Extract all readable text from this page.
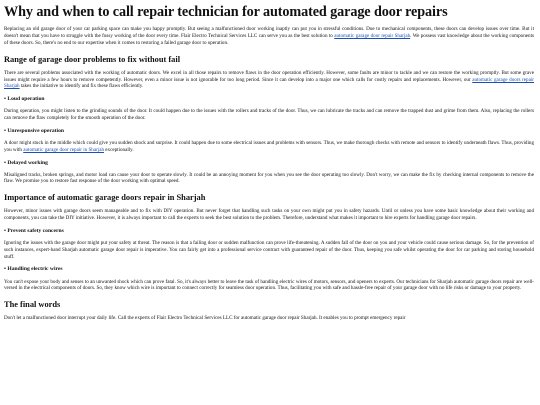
Why and when to call repair technician for automated garage door repairs

Replacing an old garage door of your car parking space can make you happy promptly. But seeing a malfunctioned door working inaptly can put you in stressful conditions. Due to mechanical components, these doors can develop issues over time. But it doesn't mean that you have to struggle with the fussy working of the door every time. Flair Electro Technical Services LLC can serve you as the best solution to automatic garage door repair Sharjah. We possess vast knowledge about the working components of these doors. So, there's no end to our expertise when it comes to restoring a failed garage door to operation.

Range of garage door problems to fix without fail

There are several problems associated with the working of automatic doors. We excel in all those repairs to remove flaws in the door operation efficiently. However, some faults are minor to tackle and we can restore the working promptly. But some grave issues might require a few hours to remove competently. However, even a minor issue is not ignorable for too long period. Since it can develop into a major one which calls for costly repairs and replacements. However, our automatic garage doors repair Sharjah takes the initiative to identify and fix these flaws efficiently.

• Loud operation

During operation, you might listen to the grinding sounds of the door. It could happen due to the issues with the rollers and tracks of the door. Thus, we can lubricate the tracks and can remove the trapped dust and grime from them. Also, replacing the rollers can remove the flaw completely for the smooth operation of the door.

• Unresponsive operation

A door might stuck in the middle which could give you sudden shock and surprise. It could happen due to some electrical issues and problems with sensors. Thus, we make thorough checks with remote and sensors to identify underneath flaws. Thus, providing you with automatic garage door repair in Sharjah exceptionally.

• Delayed working

Misaligned tracks, broken springs, and motor load can cause your door to operate slowly. It could be an annoying moment for you when you see the door operating too slowly. Don't worry, we can make the fix by checking internal components to remove the flaw. We promise you to restore fast response of the door working with optimal speed.

Importance of automatic garage doors repair in Sharjah

However, minor issues with garage doors seem manageable and to fix with DIY operation. But never forget that handling such tasks on your own might put you in safety hazards. Until or unless you have some basic knowledge about their working and components, you can take the DIY initiative. However, it is always important to call the experts to seek the best solution to the problem. Therefore, understand what makes it important to hire experts for handling garage door repairs.

• Prevent safety concerns

Ignoring the issues with the garage door might put your safety at threat. The reason is that a failing door or sudden malfunction can prove life-threatening. A sudden fall of the door on you and your vehicle could cause serious damage. So, for the prevention of such instances, expert-hand Sharjah automatic garage door repair is imperative. You can fairly get into a professional service contract with guaranteed repair of the door. Thus, keeping you safe whilst operating the door for car parking and storing household stuff.

• Handling electric wires

You can't expose your body and senses to an unwanted shock which can prove fatal. So, it's always better to leave the task of handling electric wires of motors, sensors, and openers to experts. Our technicians for Sharjah automatic garage doors repair are well-versed in the electrical components of doors. So, they know which wire is important to connect correctly for seamless door operation. Thus, facilitating you with safe and hassle-free repair of your garage door with no life risks or damage to your property.

The final words

Don't let a malfunctioned door interrupt your daily life. Call the experts of Flair Electro Technical Services LLC for automatic garage door repair Sharjah. It enables you to prompt emergency repair
